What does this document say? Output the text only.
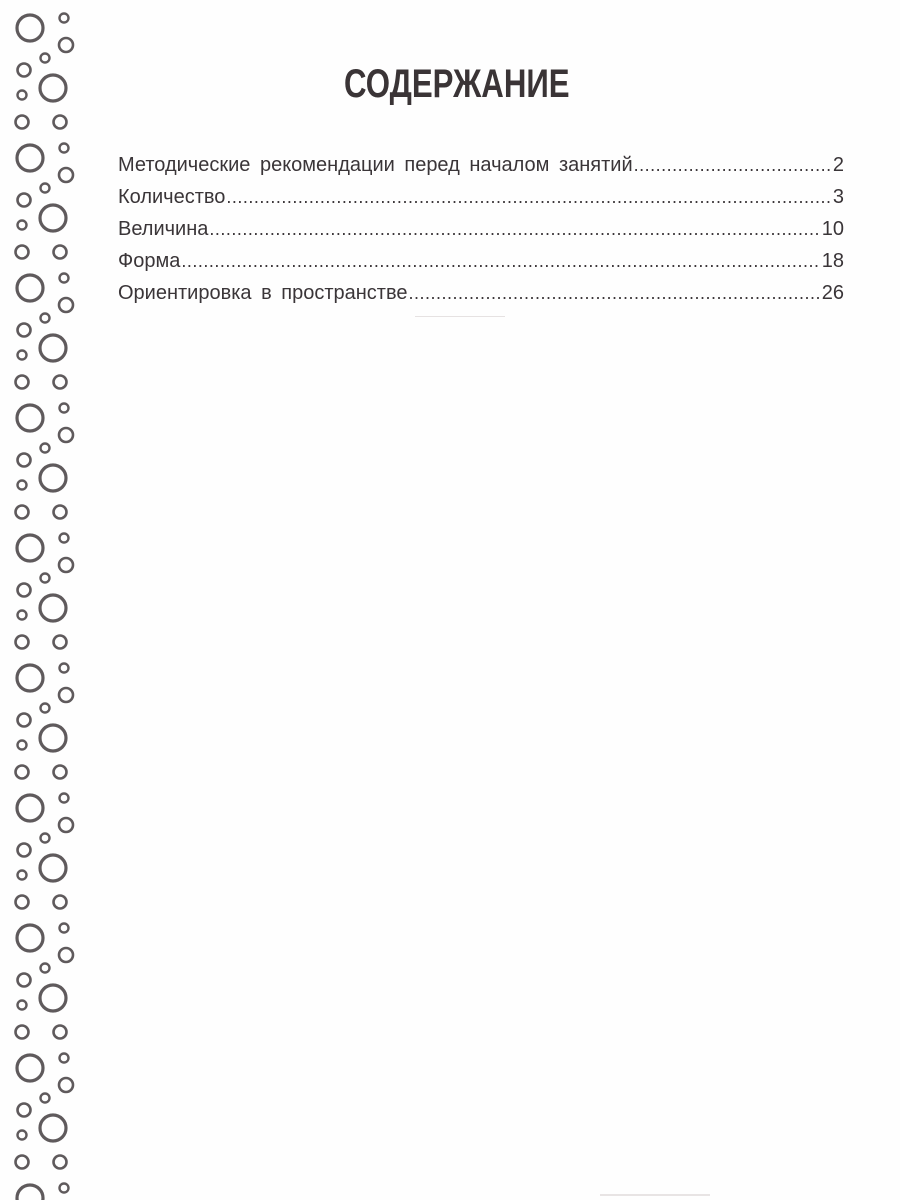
СОДЕРЖАНИЕ
Методические рекомендации перед началом занятий .....	2
Количество .....	3
Величина .....	10
Форма .....	18
Ориентировка в пространстве .....	26
